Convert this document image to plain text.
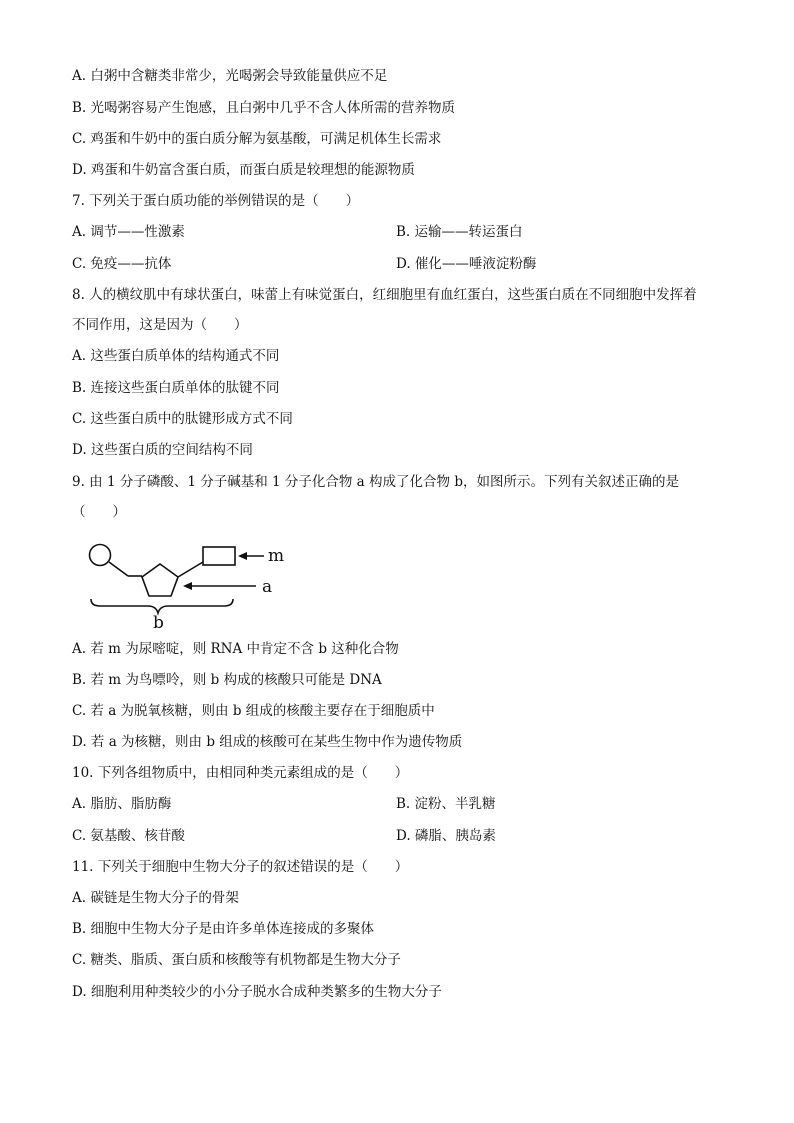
A. 白粥中含糖类非常少，光喝粥会导致能量供应不足
B. 光喝粥容易产生饱感，且白粥中几乎不含人体所需的营养物质
C. 鸡蛋和牛奶中的蛋白质分解为氨基酸，可满足机体生长需求
D. 鸡蛋和牛奶富含蛋白质，而蛋白质是较理想的能源物质
7. 下列关于蛋白质功能的举例错误的是（　　）
A. 调节——性激素	B. 运输——转运蛋白
C. 免疫——抗体	D. 催化——唾液淀粉酶
8. 人的横纹肌中有球状蛋白，味蕾上有味觉蛋白，红细胞里有血红蛋白，这些蛋白质在不同细胞中发挥着
不同作用，这是因为（　　）
A. 这些蛋白质单体的结构通式不同
B. 连接这些蛋白质单体的肽键不同
C. 这些蛋白质中的肽键形成方式不同
D. 这些蛋白质的空间结构不同
9. 由 1 分子磷酸、1 分子碱基和 1 分子化合物 a 构成了化合物 b，如图所示。下列有关叙述正确的是
（　　）
m
a
b
A. 若 m 为尿嘧啶，则 RNA 中肯定不含 b 这种化合物
B. 若 m 为鸟嘌呤，则 b 构成的核酸只可能是 DNA
C. 若 a 为脱氧核糖，则由 b 组成的核酸主要存在于细胞质中
D. 若 a 为核糖，则由 b 组成的核酸可在某些生物中作为遗传物质
10. 下列各组物质中，由相同种类元素组成的是（　　）
A. 脂肪、脂肪酶	B. 淀粉、半乳糖
C. 氨基酸、核苷酸	D. 磷脂、胰岛素
11. 下列关于细胞中生物大分子的叙述错误的是（　　）
A. 碳链是生物大分子的骨架
B. 细胞中生物大分子是由许多单体连接成的多聚体
C. 糖类、脂质、蛋白质和核酸等有机物都是生物大分子
D. 细胞利用种类较少的小分子脱水合成种类繁多的生物大分子
